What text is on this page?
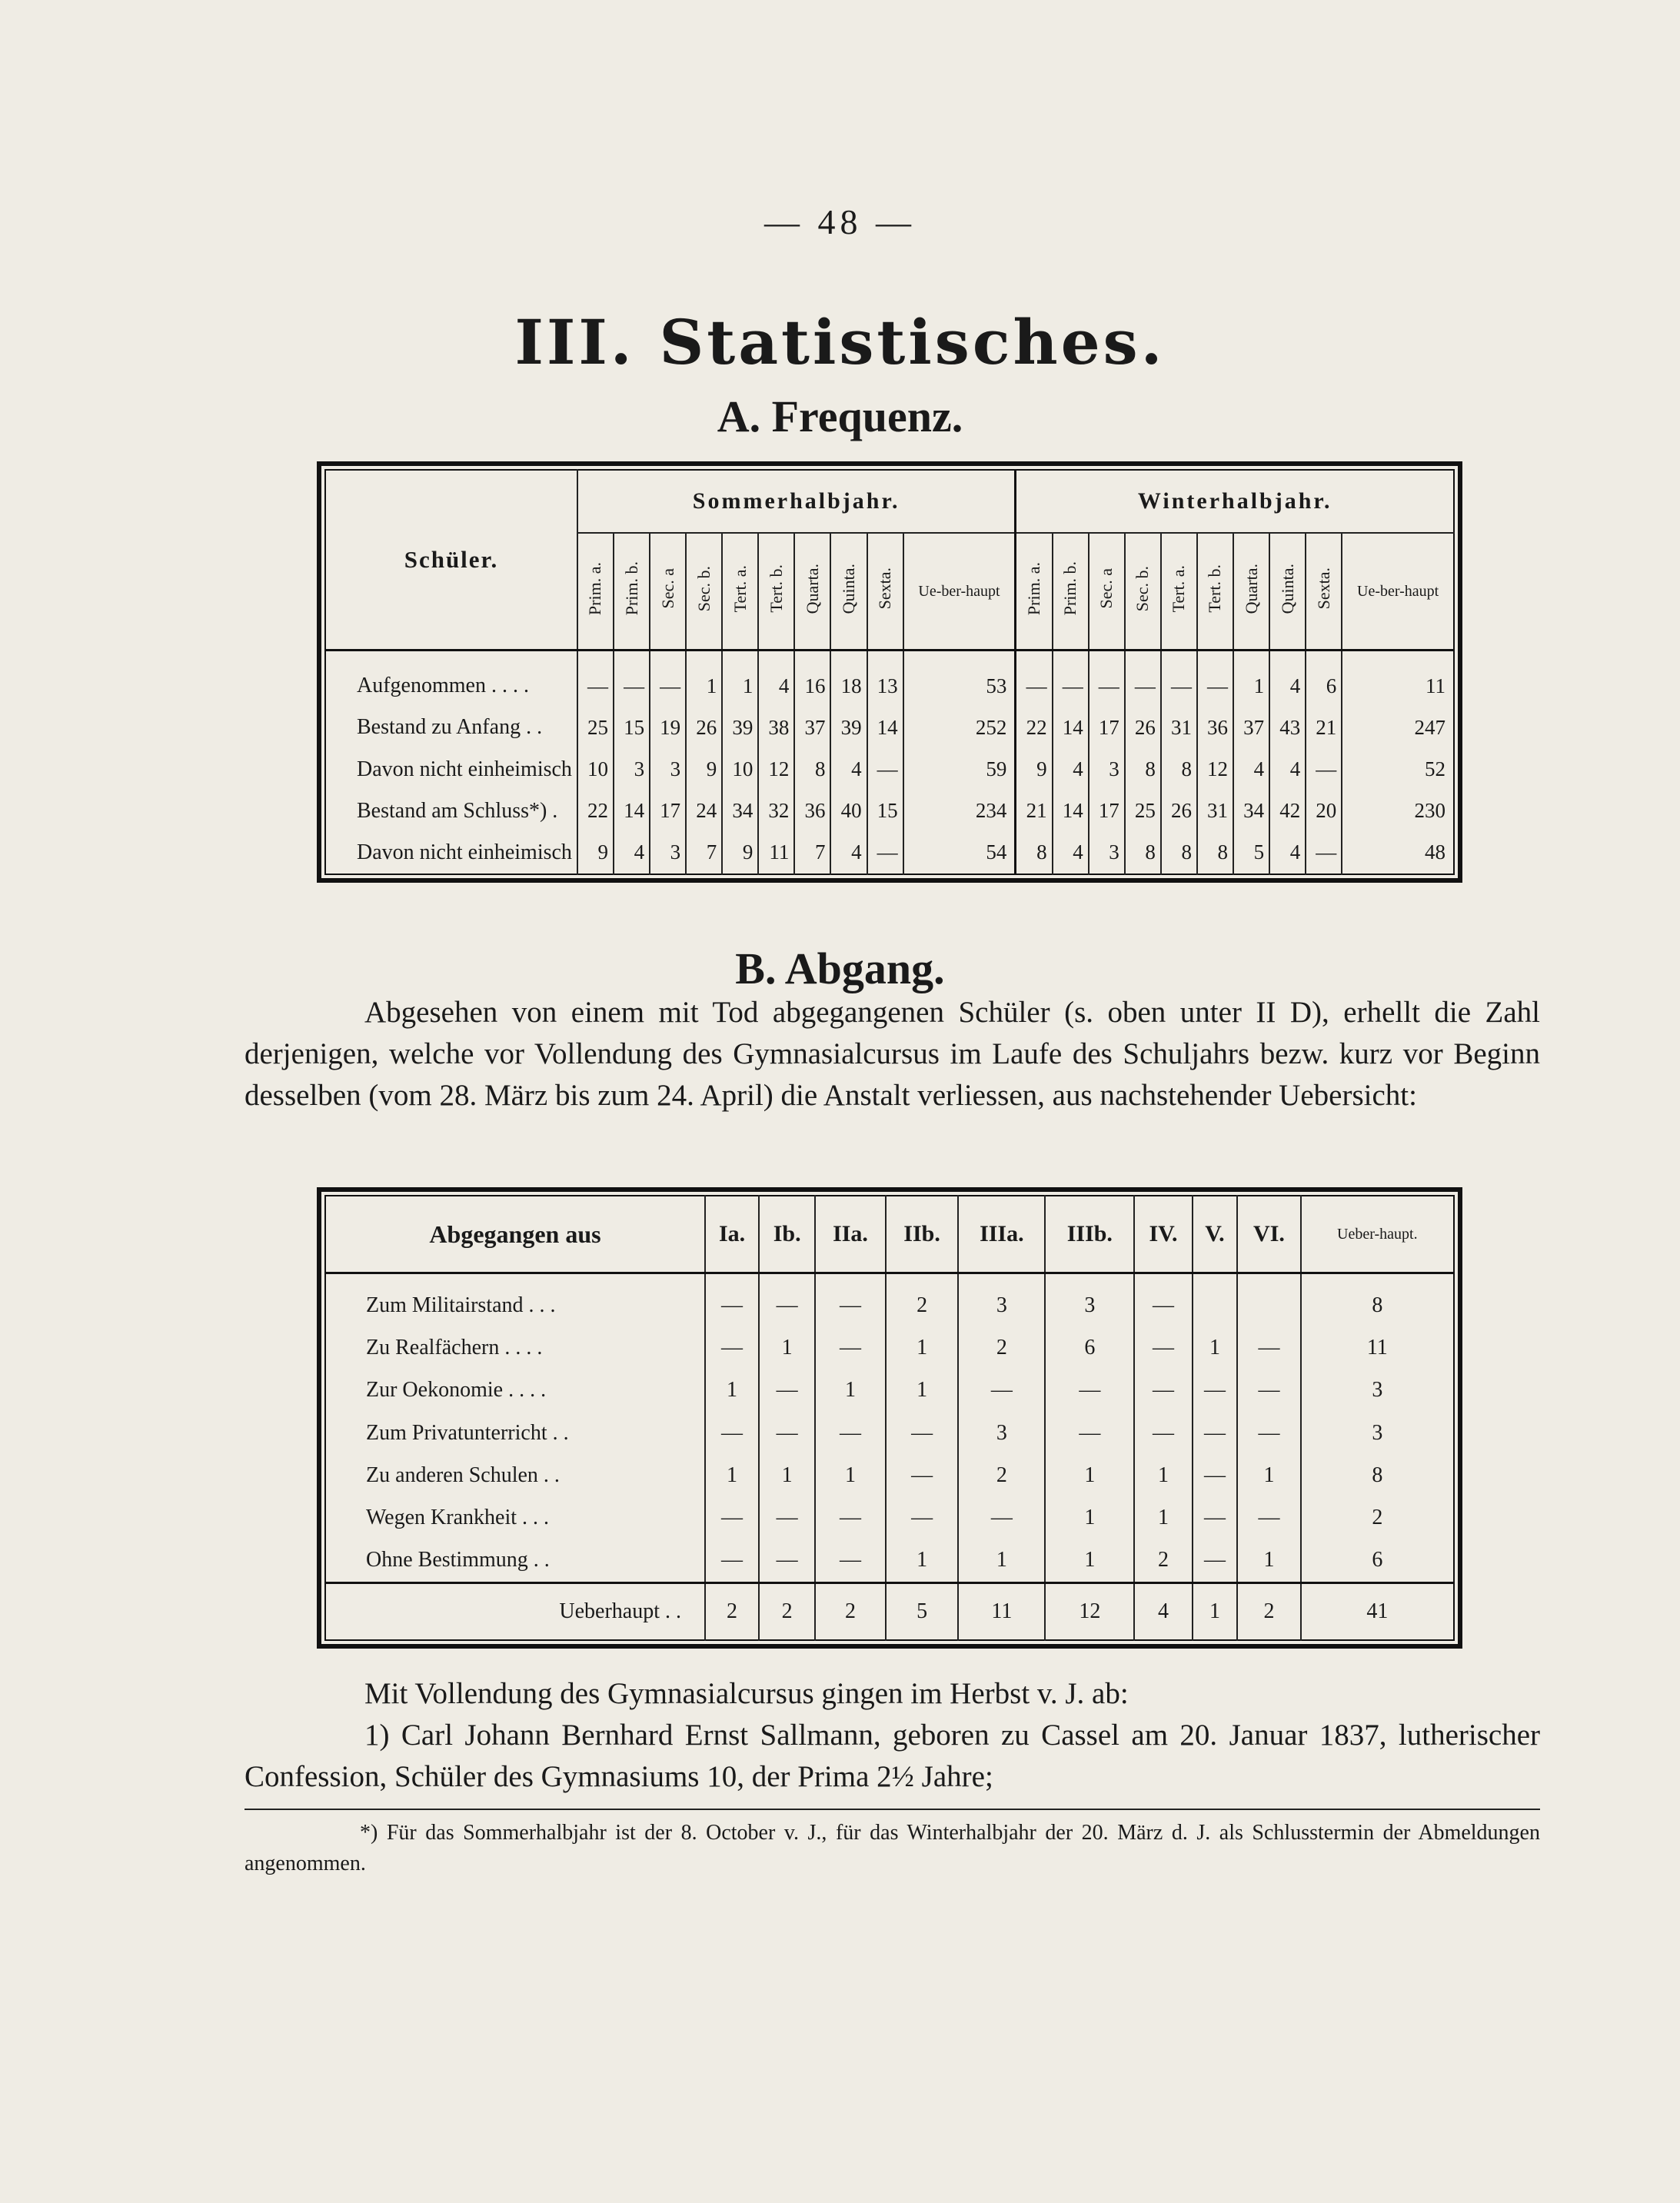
— 48 —
III. Statistisches.
A. Frequenz.
Schüler.	Sommerhalbjahr.										Winterhalbjahr.									
	Prim. a.	Prim. b.	Sec. a	Sec. b.	Tert. a.	Tert. b.	Quarta.	Quinta.	Sexta.	Ue-ber-haupt	Prim. a.	Prim. b.	Sec. a	Sec. b.	Tert. a.	Tert. b.	Quarta.	Quinta.	Sexta.	Ue-ber-haupt
Aufgenommen . . . .	—	—	—	1	1	4	16	18	13	53	—	—	—	—	—	—	1	4	6	11
Bestand zu Anfang . .	25	15	19	26	39	38	37	39	14	252	22	14	17	26	31	36	37	43	21	247
Davon nicht einheimisch	10	3	3	9	10	12	8	4	—	59	9	4	3	8	8	12	4	4	—	52
Bestand am Schluss*) .	22	14	17	24	34	32	36	40	15	234	21	14	17	25	26	31	34	42	20	230
Davon nicht einheimisch	9	4	3	7	9	11	7	4	—	54	8	4	3	8	8	8	5	4	—	48
B. Abgang.

Abgesehen von einem mit Tod abgegangenen Schüler (s. oben unter II D), erhellt die Zahl derjenigen, welche vor Vollendung des Gymnasialcursus im Laufe des Schuljahrs bezw. kurz vor Beginn desselben (vom 28. März bis zum 24. April) die Anstalt verliessen, aus nachstehender Uebersicht:

Abgegangen aus	Ia.	Ib.	IIa.	IIb.	IIIa.	IIIb.	IV.	V.	VI.	Ueber-haupt.
Zum Militairstand . . .	—	—	—	2	3	3	—			8
Zu Realfächern . . . .	—	1	—	1	2	6	—	1	—	11
Zur Oekonomie . . . .	1	—	1	1	—	—	—	—	—	3
Zum Privatunterricht . .	—	—	—	—	3	—	—	—	—	3
Zu anderen Schulen . .	1	1	1	—	2	1	1	—	1	8
Wegen Krankheit . . .	—	—	—	—	—	1	1	—	—	2
Ohne Bestimmung . .	—	—	—	1	1	1	2	—	1	6
Ueberhaupt . .	2	2	2	5	11	12	4	1	2	41

Mit Vollendung des Gymnasialcursus gingen im Herbst v. J. ab:

1) Carl Johann Bernhard Ernst Sallmann, geboren zu Cassel am 20. Januar 1837, lutherischer Confession, Schüler des Gymnasiums 10, der Prima 2½ Jahre;

*) Für das Sommerhalbjahr ist der 8. October v. J., für das Winterhalbjahr der 20. März d. J. als Schlusstermin der Abmeldungen angenommen.
